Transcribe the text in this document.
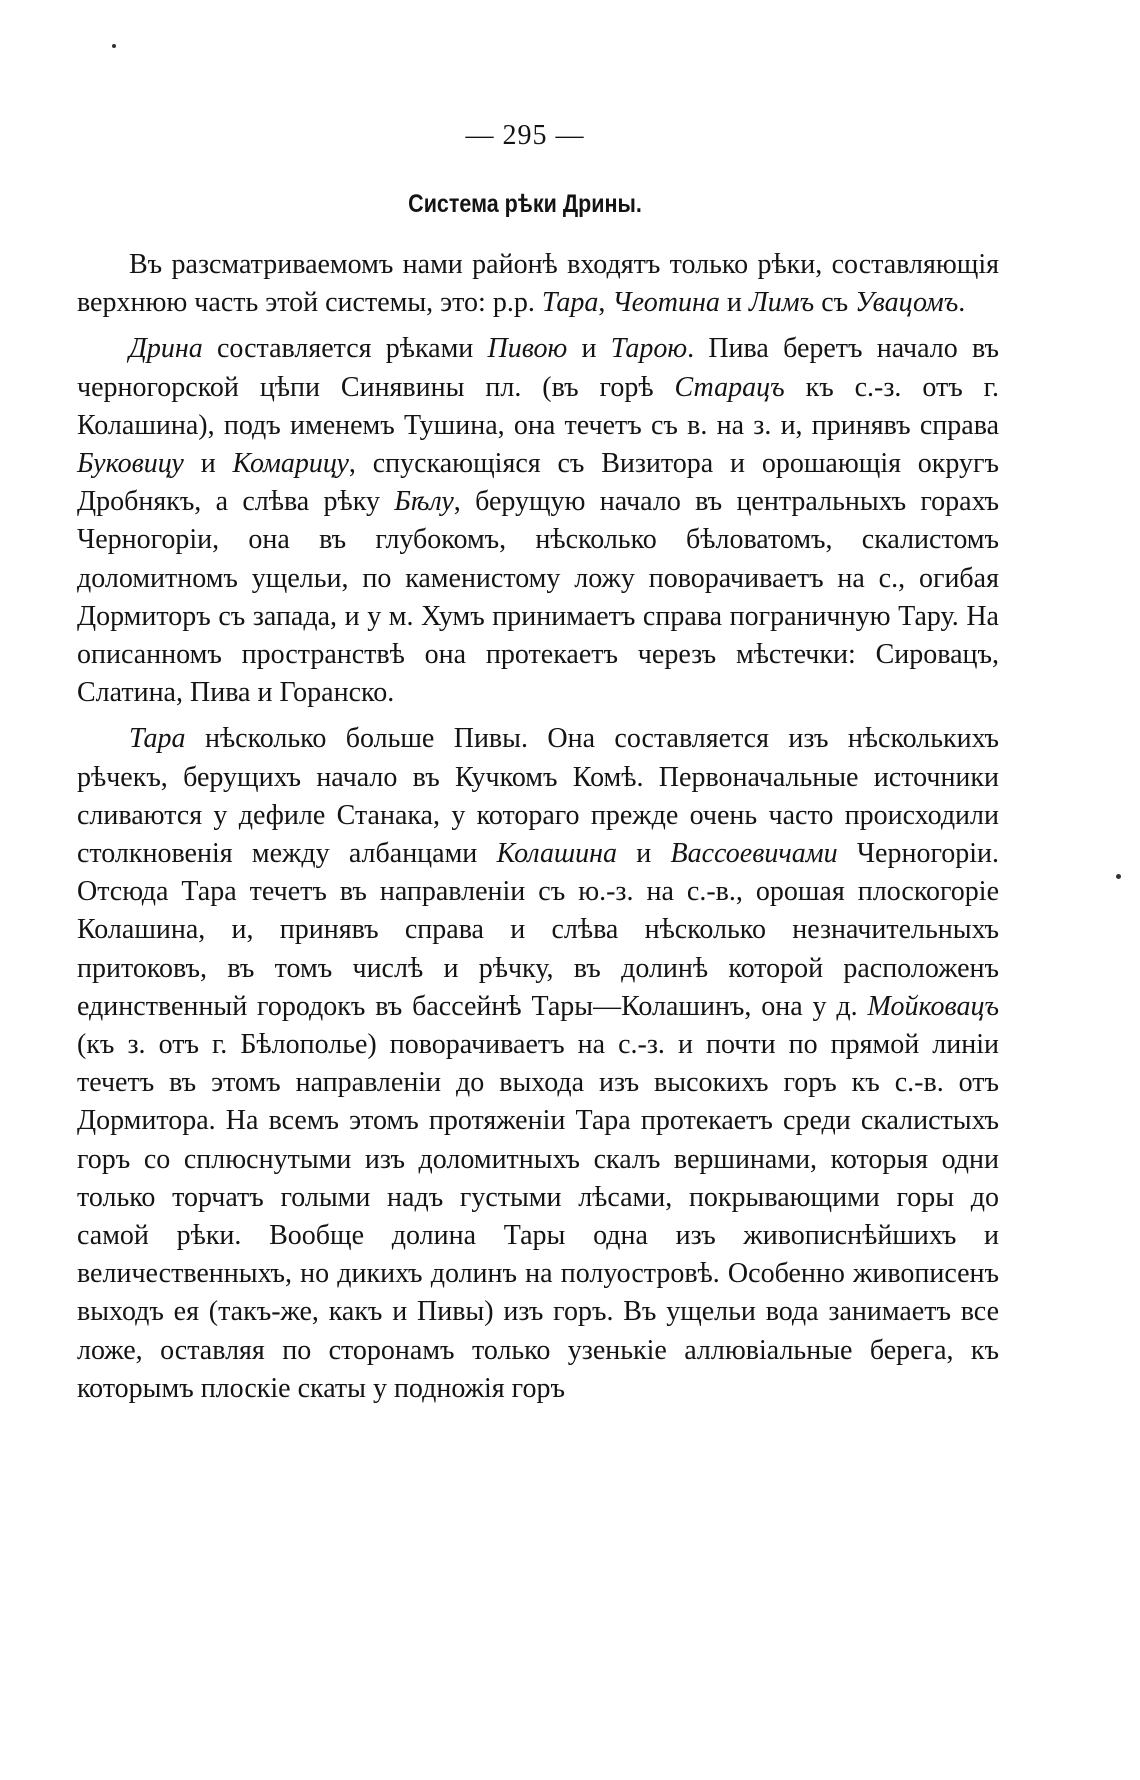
— 295 —
Система рѣки Дрины.

Въ разсматриваемомъ нами районѣ входятъ только рѣки, составляющія верхнюю часть этой системы, это: р.р. Тара, Чеотина и Лимъ съ Увацомъ.

Дрина составляется рѣками Пивою и Тарою. Пива беретъ начало въ черногорской цѣпи Синявины пл. (въ горѣ Старацъ къ с.-з. отъ г. Колашина), подъ именемъ Тушина, она течетъ съ в. на з. и, принявъ справа Буковицу и Комарицу, спускающіяся съ Визитора и орошающія округъ Дробнякъ, а слѣва рѣку Бѣлу, берущую начало въ центральныхъ горахъ Черногоріи, она въ глубокомъ, нѣсколько бѣловатомъ, скалистомъ доломитномъ ущельи, по каменистому ложу поворачиваетъ на с., огибая Дормиторъ съ запада, и у м. Хумъ принимаетъ справа пограничную Тару. На описанномъ пространствѣ она протекаетъ черезъ мѣстечки: Сировацъ, Слатина, Пива и Горанско.

Тара нѣсколько больше Пивы. Она составляется изъ нѣсколькихъ рѣчекъ, берущихъ начало въ Кучкомъ Комѣ. Первоначальные источники сливаются у дефиле Станака, у котораго прежде очень часто происходили столкновенія между албанцами Колашина и Вассоевичами Черногоріи. Отсюда Тара течетъ въ направленіи съ ю.-з. на с.-в., орошая плоскогоріе Колашина, и, принявъ справа и слѣва нѣсколько незначительныхъ притоковъ, въ томъ числѣ и рѣчку, въ долинѣ которой расположенъ единственный городокъ въ бассейнѣ Тары—Колашинъ, она у д. Мойковацъ (къ з. отъ г. Бѣлополье) поворачиваетъ на с.-з. и почти по прямой линіи течетъ въ этомъ направленіи до выхода изъ высокихъ горъ къ с.-в. отъ Дормитора. На всемъ этомъ протяженіи Тара протекаетъ среди скалистыхъ горъ со сплюснутыми изъ доломитныхъ скалъ вершинами, которыя одни только торчатъ голыми надъ густыми лѣсами, покрывающими горы до самой рѣки. Вообще долина Тары одна изъ живописнѣйшихъ и величественныхъ, но дикихъ долинъ на полуостровѣ. Особенно живописенъ выходъ ея (такъ-же, какъ и Пивы) изъ горъ. Въ ущельи вода занимаетъ все ложе, оставляя по сторонамъ только узенькіе аллювіальные берега, къ которымъ плоскіе скаты у подножія горъ
